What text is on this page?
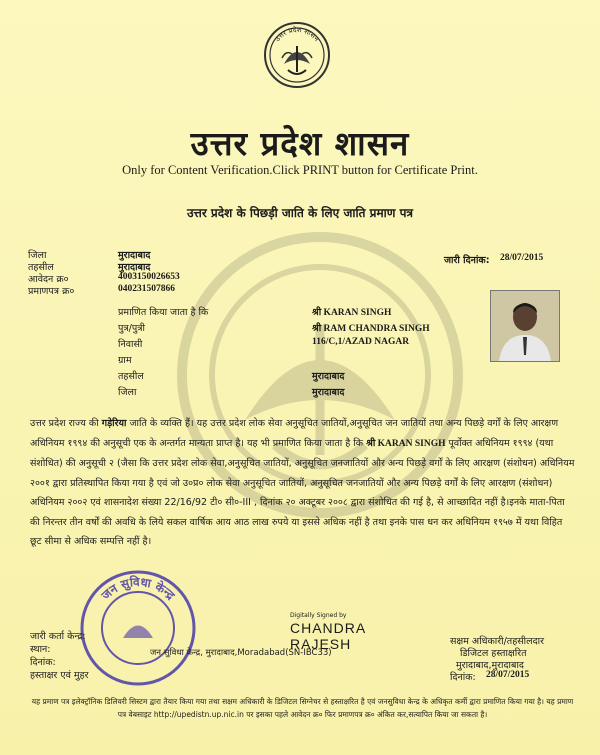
उत्तर प्रदेश शासन
उत्तर प्रदेश शासन
Only for Content Verification.Click PRINT button for Certificate Print.
उत्तर प्रदेश के पिछड़ी जाति के लिए जाति प्रमाण पत्र
जिला	मुरादाबाद
तहसील	मुरादाबाद
आवेदन क्र०	4003150026653
प्रमाणपत्र क्र०	040231507866
जारी दिनांक: 28/07/2015
प्रमाणित किया जाता है कि	श्री KARAN SINGH
पुत्र/पुत्री	श्री RAM CHANDRA SINGH
निवासी	116/C,1/AZAD NAGAR
ग्राम
तहसील	मुरादाबाद
जिला	मुरादाबाद
उत्तर प्रदेश राज्य की गड़ेरिया जाति के व्यक्ति हैं। यह उत्तर प्रदेश लोक सेवा अनुसूचित जातियों,अनुसूचित जन जातियों तथा अन्य पिछड़े वर्गों के लिए आरक्षण अधिनियम १९९४ की अनुसूची एक के अन्तर्गत मान्यता प्राप्त है। यह भी प्रमाणित किया जाता है कि श्री KARAN SINGH पूर्वोक्त अधिनियम १९९४ (यथा संशोधित) की अनुसूची २ (जैसा कि उत्तर प्रदेश लोक सेवा,अनुसूचित जातियों, अनुसूचित जनजातियों और अन्य पिछड़े वर्गों के लिए आरक्षण (संशोधन) अधिनियम २००१ द्वारा प्रतिस्थापित किया गया है एवं जो उ०प्र० लोक सेवा अनुसूचित जातियों, अनुसूचित जनजातियों और अन्य पिछड़े वर्गों के लिए आरक्षण (संशोधन) अधिनियम २००२ एवं शासनादेश संख्या 22/16/92 टी० सी०-III , दिनांक २० अक्टूबर २००८ द्वारा संशोधित की गई है, से आच्छादित नहीं है।इनके माता-पिता की निरन्तर तीन वर्षों की अवधि के लिये सकल वार्षिक आय आठ लाख रुपये या इससे अधिक नहीं है तथा इनके पास धन कर अधिनियम १९५७ में यथा विहित छूट सीमा से अधिक सम्पत्ति नहीं है।
जन सुविधा केन्द्र
जारी कर्ता केन्द्र:
स्थान:
दिनांक:
हस्ताक्षर एवं मुहर
जन सुविधा केन्द्र, मुरादाबाद,Moradabad(SN-IBC33)
Digitally Signed by
CHANDRA
RAJESH	सक्षम अधिकारी/तहसीलदार
डिजिटल हस्ताक्षरित
मुरादाबाद,मुरादाबाद
दिनांक: 28/07/2015
यह प्रमाण पत्र इलेक्ट्रॉनिक डिलिवरी सिस्टम द्वारा तैयार किया गया तथा सक्षम अधिकारी के डिजिटल सिग्नेचर से हस्ताक्षरित है एवं जनसुविधा केन्द्र के अधिकृत कर्मी द्वारा प्रमाणित किया गया है। यह प्रमाण पत्र वेबसाइट http://upedistn.up.nic.in पर इसका पहले आवेदन क्र० फिर प्रमाणपत्र क्र० अंकित कर,सत्यापित किया जा सकता है।
